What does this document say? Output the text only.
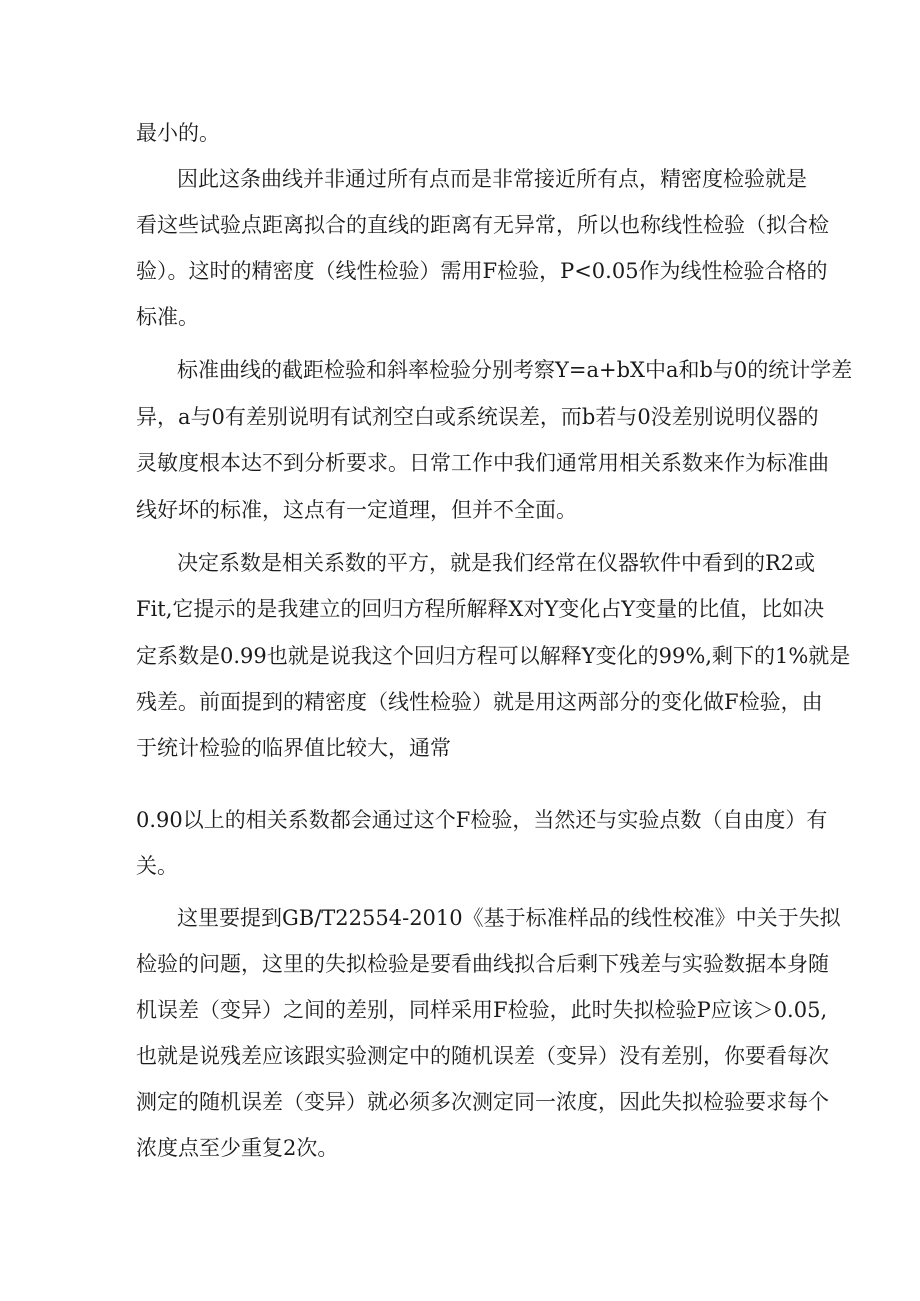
最小的。

因此这条曲线并非通过所有点而是非常接近所有点，精密度检验就是

看这些试验点距离拟合的直线的距离有无异常，所以也称线性检验（拟合检

验）。这时的精密度（线性检验）需用F检验，P<0.05作为线性检验合格的

标准。

标准曲线的截距检验和斜率检验分别考察Y=a+bX中a和b与0的统计学差

异，a与0有差别说明有试剂空白或系统误差，而b若与0没差别说明仪器的

灵敏度根本达不到分析要求。日常工作中我们通常用相关系数来作为标准曲

线好坏的标准，这点有一定道理，但并不全面。

决定系数是相关系数的平方，就是我们经常在仪器软件中看到的R2或

Fit,它提示的是我建立的回归方程所解释X对Y变化占Y变量的比值，比如决

定系数是0.99也就是说我这个回归方程可以解释Y变化的99%,剩下的1%就是

残差。前面提到的精密度（线性检验）就是用这两部分的变化做F检验，由

于统计检验的临界值比较大，通常

0.90以上的相关系数都会通过这个F检验，当然还与实验点数（自由度）有

关。

这里要提到GB/T22554-2010《基于标准样品的线性校准》中关于失拟

检验的问题，这里的失拟检验是要看曲线拟合后剩下残差与实验数据本身随

机误差（变异）之间的差别，同样采用F检验，此时失拟检验P应该＞0.05,

也就是说残差应该跟实验测定中的随机误差（变异）没有差别，你要看每次

测定的随机误差（变异）就必须多次测定同一浓度，因此失拟检验要求每个

浓度点至少重复2次。
